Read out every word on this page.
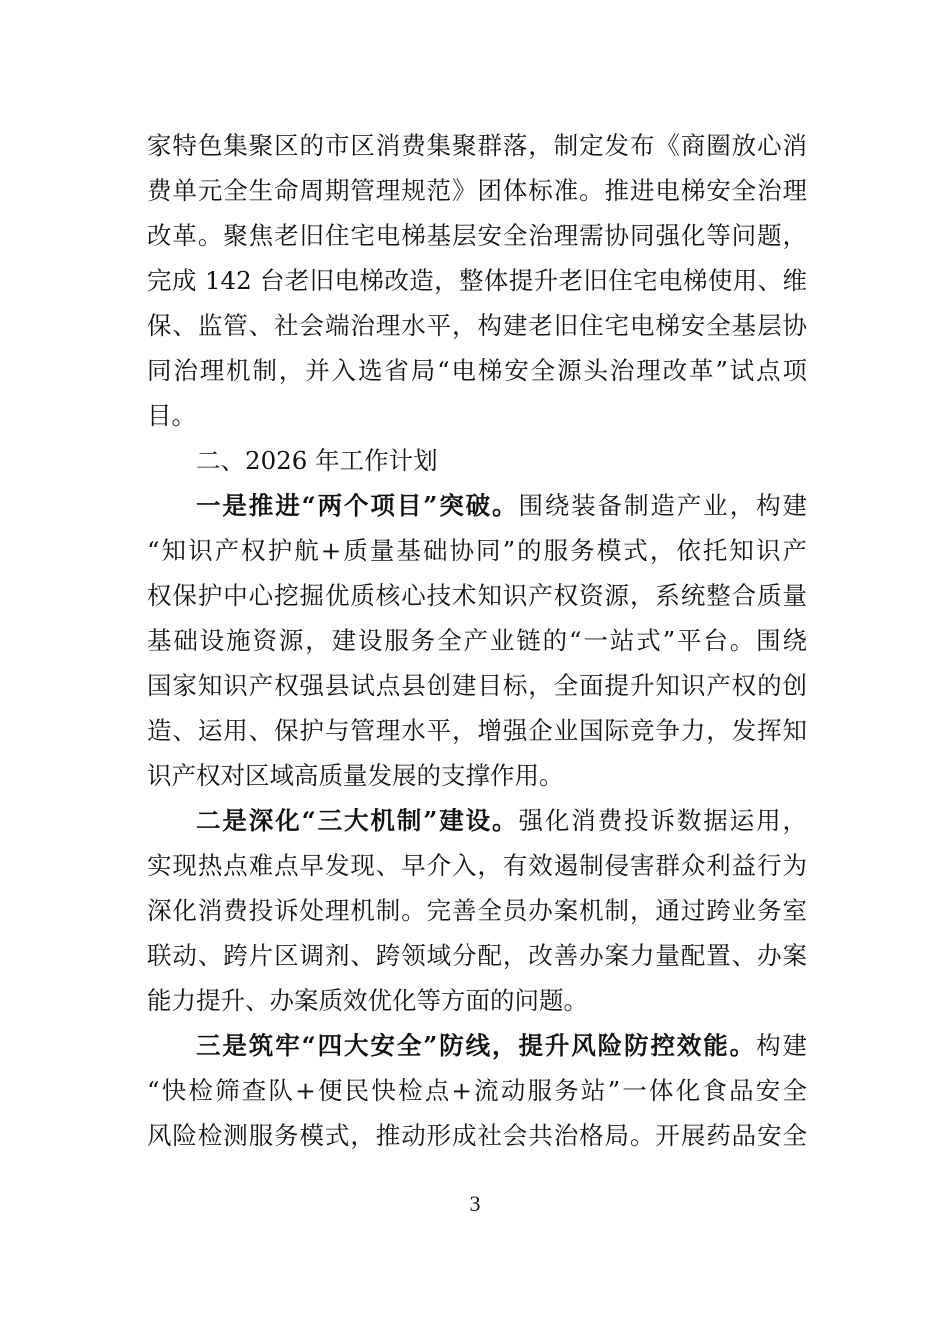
家特色集聚区的市区消费集聚群落，制定发布《商圈放心消
费单元全生命周期管理规范》团体标准。推进电梯安全治理
改革。聚焦老旧住宅电梯基层安全治理需协同强化等问题，
完成 142 台老旧电梯改造，整体提升老旧住宅电梯使用、维
保、监管、社会端治理水平，构建老旧住宅电梯安全基层协
同治理机制，并入选省局“电梯安全源头治理改革”试点项
目。
二、2026 年工作计划
一是推进“两个项目”突破。围绕装备制造产业，构建
“知识产权护航+质量基础协同”的服务模式，依托知识产
权保护中心挖掘优质核心技术知识产权资源，系统整合质量
基础设施资源，建设服务全产业链的“一站式”平台。围绕
国家知识产权强县试点县创建目标，全面提升知识产权的创
造、运用、保护与管理水平，增强企业国际竞争力，发挥知
识产权对区域高质量发展的支撑作用。
二是深化“三大机制”建设。强化消费投诉数据运用，
实现热点难点早发现、早介入，有效遏制侵害群众利益行为
深化消费投诉处理机制。完善全员办案机制，通过跨业务室
联动、跨片区调剂、跨领域分配，改善办案力量配置、办案
能力提升、办案质效优化等方面的问题。
三是筑牢“四大安全”防线，提升风险防控效能。构建
“快检筛查队+便民快检点+流动服务站”一体化食品安全
风险检测服务模式，推动形成社会共治格局。开展药品安全
3
